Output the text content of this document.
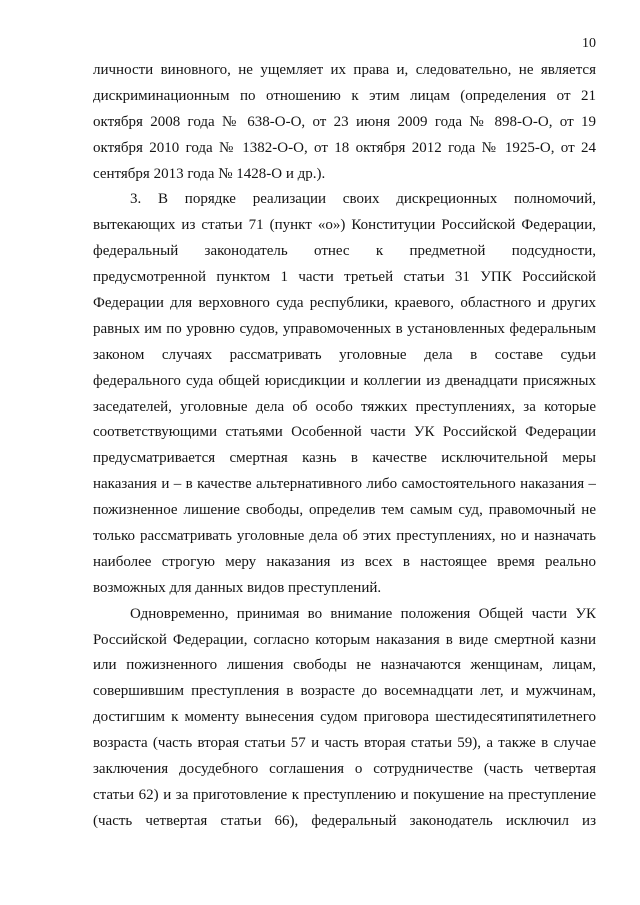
10
личности виновного, не ущемляет их права и, следовательно, не является
дискриминационным по отношению к этим лицам (определения от 21
октября 2008 года № 638-О-О, от 23 июня 2009 года № 898-О-О, от 19
октября 2010 года № 1382-О-О, от 18 октября 2012 года № 1925-О, от 24
сентября 2013 года № 1428-О и др.).
3. В порядке реализации своих дискреционных полномочий,
вытекающих из статьи 71 (пункт «о») Конституции Российской Федерации,
федеральный законодатель отнес к предметной подсудности,
предусмотренной пунктом 1 части третьей статьи 31 УПК Российской
Федерации для верховного суда республики, краевого, областного и других
равных им по уровню судов, управомоченных в установленных федеральным
законом случаях рассматривать уголовные дела в составе судьи
федерального суда общей юрисдикции и коллегии из двенадцати присяжных
заседателей, уголовные дела об особо тяжких преступлениях, за которые
соответствующими статьями Особенной части УК Российской Федерации
предусматривается смертная казнь в качестве исключительной меры
наказания и – в качестве альтернативного либо самостоятельного наказания –
пожизненное лишение свободы, определив тем самым суд, правомочный не
только рассматривать уголовные дела об этих преступлениях, но и назначать
наиболее строгую меру наказания из всех в настоящее время реально
возможных для данных видов преступлений.
Одновременно, принимая во внимание положения Общей части УК
Российской Федерации, согласно которым наказания в виде смертной казни
или пожизненного лишения свободы не назначаются женщинам, лицам,
совершившим преступления в возрасте до восемнадцати лет, и мужчинам,
достигшим к моменту вынесения судом приговора шестидесятипятилетнего
возраста (часть вторая статьи 57 и часть вторая статьи 59), а также в случае
заключения досудебного соглашения о сотрудничестве (часть четвертая
статьи 62) и за приготовление к преступлению и покушение на преступление
(часть четвертая статьи 66), федеральный законодатель исключил из
